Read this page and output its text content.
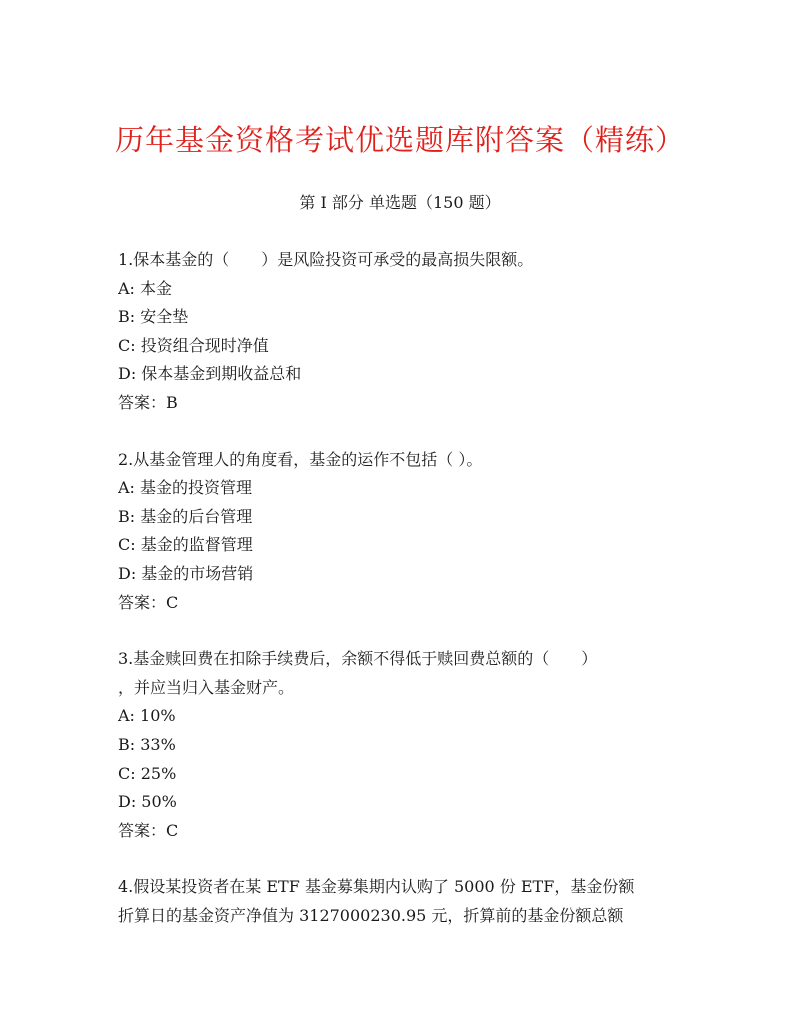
历年基金资格考试优选题库附答案（精练）
第 I 部分 单选题（150 题）
1.保本基金的（　　）是风险投资可承受的最高损失限额。
A: 本金
B: 安全垫
C: 投资组合现时净值
D: 保本基金到期收益总和
答案：B
2.从基金管理人的角度看，基金的运作不包括（ ）。
A: 基金的投资管理
B: 基金的后台管理
C: 基金的监督管理
D: 基金的市场营销
答案：C
3.基金赎回费在扣除手续费后，余额不得低于赎回费总额的（　　）
，并应当归入基金财产。
A: 10%
B: 33%
C: 25%
D: 50%
答案：C
4.假设某投资者在某 ETF 基金募集期内认购了 5000 份 ETF，基金份额
折算日的基金资产净值为 3127000230.95 元，折算前的基金份额总额
